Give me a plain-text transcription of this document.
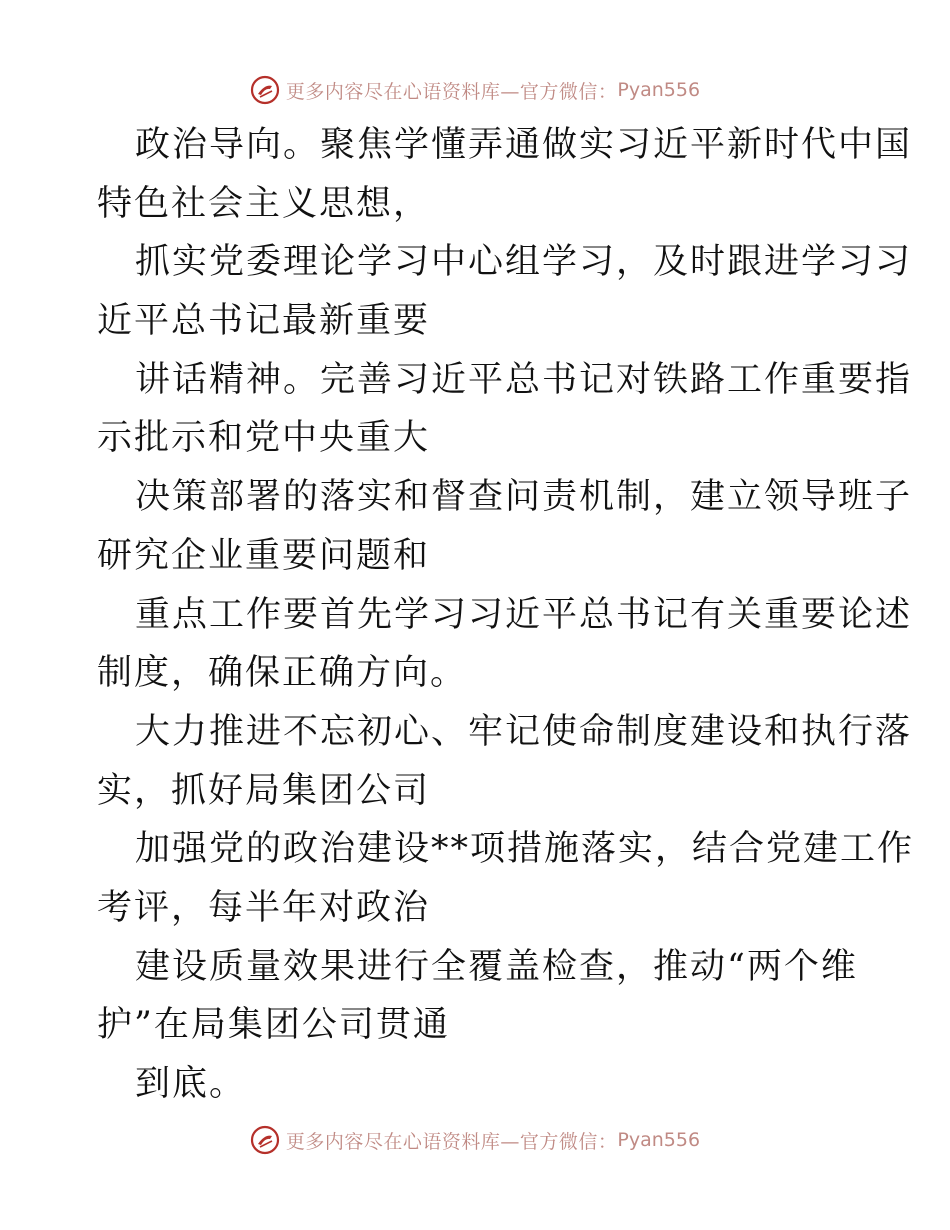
更多内容尽在心语资料库—官方微信： Pyan556
政治导向。聚焦学懂弄通做实习近平新时代中国
特色社会主义思想，
抓实党委理论学习中心组学习，及时跟进学习习
近平总书记最新重要
讲话精神。完善习近平总书记对铁路工作重要指
示批示和党中央重大
决策部署的落实和督查问责机制，建立领导班子
研究企业重要问题和
重点工作要首先学习习近平总书记有关重要论述
制度，确保正确方向。
大力推进不忘初心、牢记使命制度建设和执行落
实，抓好局集团公司
加强党的政治建设**项措施落实，结合党建工作
考评，每半年对政治
建设质量效果进行全覆盖检查，推动“两个维
护”在局集团公司贯通
到底。
更多内容尽在心语资料库—官方微信： Pyan556
